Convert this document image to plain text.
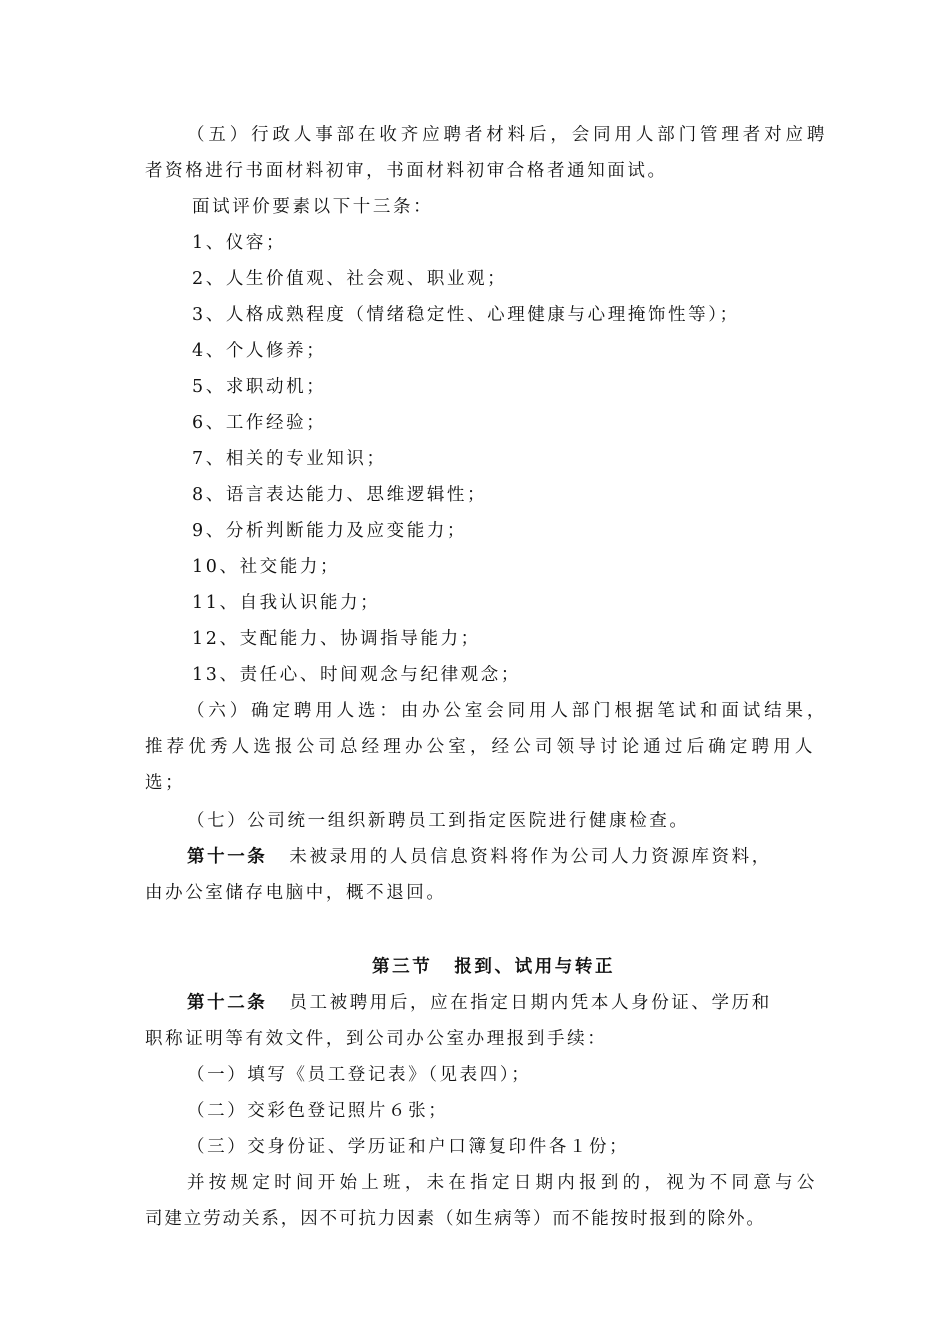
（五）行政人事部在收齐应聘者材料后，会同用人部门管理者对应聘
者资格进行书面材料初审，书面材料初审合格者通知面试。
面试评价要素以下十三条：
1、仪容；
2、人生价值观、社会观、职业观；
3、人格成熟程度（情绪稳定性、心理健康与心理掩饰性等）；
4、个人修养；
5、求职动机；
6、工作经验；
7、相关的专业知识；
8、语言表达能力、思维逻辑性；
9、分析判断能力及应变能力；
10、社交能力；
11、自我认识能力；
12、支配能力、协调指导能力；
13、责任心、时间观念与纪律观念；
（六）确定聘用人选：由办公室会同用人部门根据笔试和面试结果，
推荐优秀人选报公司总经理办公室，经公司领导讨论通过后确定聘用人
选；
（七）公司统一组织新聘员工到指定医院进行健康检查。
第十一条 未被录用的人员信息资料将作为公司人力资源库资料，
由办公室储存电脑中，概不退回。
第三节 报到、试用与转正
第十二条 员工被聘用后，应在指定日期内凭本人身份证、学历和
职称证明等有效文件，到公司办公室办理报到手续：
（一）填写《员工登记表》（见表四）；
（二）交彩色登记照片６张；
（三）交身份证、学历证和户口簿复印件各１份；
并按规定时间开始上班，未在指定日期内报到的，视为不同意与公
司建立劳动关系，因不可抗力因素（如生病等）而不能按时报到的除外。
